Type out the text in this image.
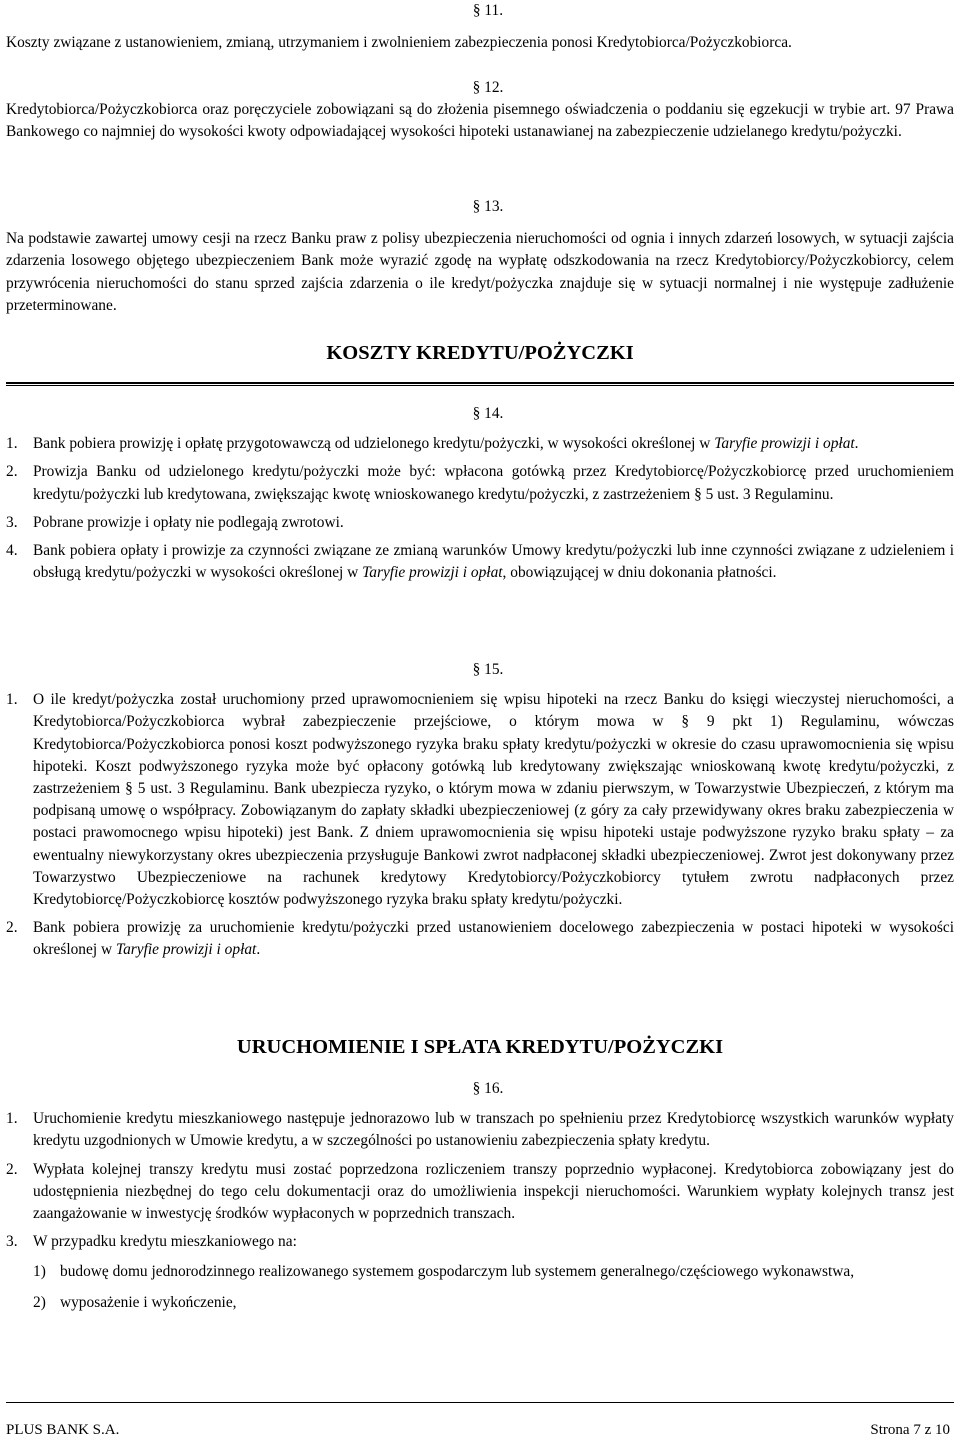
§ 11.

Koszty związane z ustanowieniem, zmianą, utrzymaniem i zwolnieniem zabezpieczenia ponosi Kredytobiorca/Pożyczkobiorca.

§ 12.

Kredytobiorca/Pożyczkobiorca oraz poręczyciele zobowiązani są do złożenia pisemnego oświadczenia o poddaniu się egzekucji w trybie art. 97 Prawa Bankowego co najmniej do wysokości kwoty odpowiadającej wysokości hipoteki ustanawianej na zabezpieczenie udzielanego kredytu/pożyczki.

§ 13.

Na podstawie zawartej umowy cesji na rzecz Banku praw z polisy ubezpieczenia nieruchomości od ognia i innych zdarzeń losowych, w sytuacji zajścia zdarzenia losowego objętego ubezpieczeniem Bank może wyrazić zgodę na wypłatę odszkodowania na rzecz Kredytobiorcy/Pożyczkobiorcy, celem przywrócenia nieruchomości do stanu sprzed zajścia zdarzenia o ile kredyt/pożyczka znajduje się w sytuacji normalnej i nie występuje zadłużenie przeterminowane.

KOSZTY KREDYTU/POŻYCZKI

§ 14.

1.	Bank pobiera prowizję i opłatę przygotowawczą od udzielonego kredytu/pożyczki, w wysokości określonej w Taryfie prowizji i opłat.
2.	Prowizja Banku od udzielonego kredytu/pożyczki może być: wpłacona gotówką przez Kredytobiorcę/Pożyczkobiorcę przed uruchomieniem kredytu/pożyczki lub kredytowana, zwiększając kwotę wnioskowanego kredytu/pożyczki, z zastrzeżeniem § 5 ust. 3 Regulaminu.
3.	Pobrane prowizje i opłaty nie podlegają zwrotowi.
4.	Bank pobiera opłaty i prowizje za czynności związane ze zmianą warunków Umowy kredytu/pożyczki lub inne czynności związane z udzieleniem i obsługą kredytu/pożyczki w wysokości określonej w Taryfie prowizji i opłat, obowiązującej w dniu dokonania płatności.

§ 15.

1.	O ile kredyt/pożyczka został uruchomiony przed uprawomocnieniem się wpisu hipoteki na rzecz Banku do księgi wieczystej nieruchomości, a Kredytobiorca/Pożyczkobiorca wybrał zabezpieczenie przejściowe, o którym mowa w § 9 pkt 1) Regulaminu, wówczas Kredytobiorca/Pożyczkobiorca ponosi koszt podwyższonego ryzyka braku spłaty kredytu/pożyczki w okresie do czasu uprawomocnienia się wpisu hipoteki. Koszt podwyższonego ryzyka może być opłacony gotówką lub kredytowany zwiększając wnioskowaną kwotę kredytu/pożyczki, z zastrzeżeniem § 5 ust. 3 Regulaminu. Bank ubezpiecza ryzyko, o którym mowa w zdaniu pierwszym, w Towarzystwie Ubezpieczeń, z którym ma podpisaną umowę o współpracy. Zobowiązanym do zapłaty składki ubezpieczeniowej (z góry za cały przewidywany okres braku zabezpieczenia w postaci prawomocnego wpisu hipoteki) jest Bank. Z dniem uprawomocnienia się wpisu hipoteki ustaje podwyższone ryzyko braku spłaty – za ewentualny niewykorzystany okres ubezpieczenia przysługuje Bankowi zwrot nadpłaconej składki ubezpieczeniowej. Zwrot jest dokonywany przez Towarzystwo Ubezpieczeniowe na rachunek kredytowy Kredytobiorcy/Pożyczkobiorcy tytułem zwrotu nadpłaconych przez Kredytobiorcę/Pożyczkobiorcę kosztów podwyższonego ryzyka braku spłaty kredytu/pożyczki.
2.	Bank pobiera prowizję za uruchomienie kredytu/pożyczki przed ustanowieniem docelowego zabezpieczenia w postaci hipoteki w wysokości określonej w Taryfie prowizji i opłat.

URUCHOMIENIE I SPŁATA KREDYTU/POŻYCZKI

§ 16.

1.	Uruchomienie kredytu mieszkaniowego następuje jednorazowo lub w transzach po spełnieniu przez Kredytobiorcę wszystkich warunków wypłaty kredytu uzgodnionych w Umowie kredytu, a w szczególności po ustanowieniu zabezpieczenia spłaty kredytu.
2.	Wypłata kolejnej transzy kredytu musi zostać poprzedzona rozliczeniem transzy poprzednio wypłaconej. Kredytobiorca zobowiązany jest do udostępnienia niezbędnej do tego celu dokumentacji oraz do umożliwienia inspekcji nieruchomości. Warunkiem wypłaty kolejnych transz jest zaangażowanie w inwestycję środków wypłaconych w poprzednich transzach.
3.	W przypadku kredytu mieszkaniowego na:
1) budowę domu jednorodzinnego realizowanego systemem gospodarczym lub systemem generalnego/częściowego wykonawstwa,
2) wyposażenie i wykończenie,
PLUS BANK S.A.	Strona 7 z 10
